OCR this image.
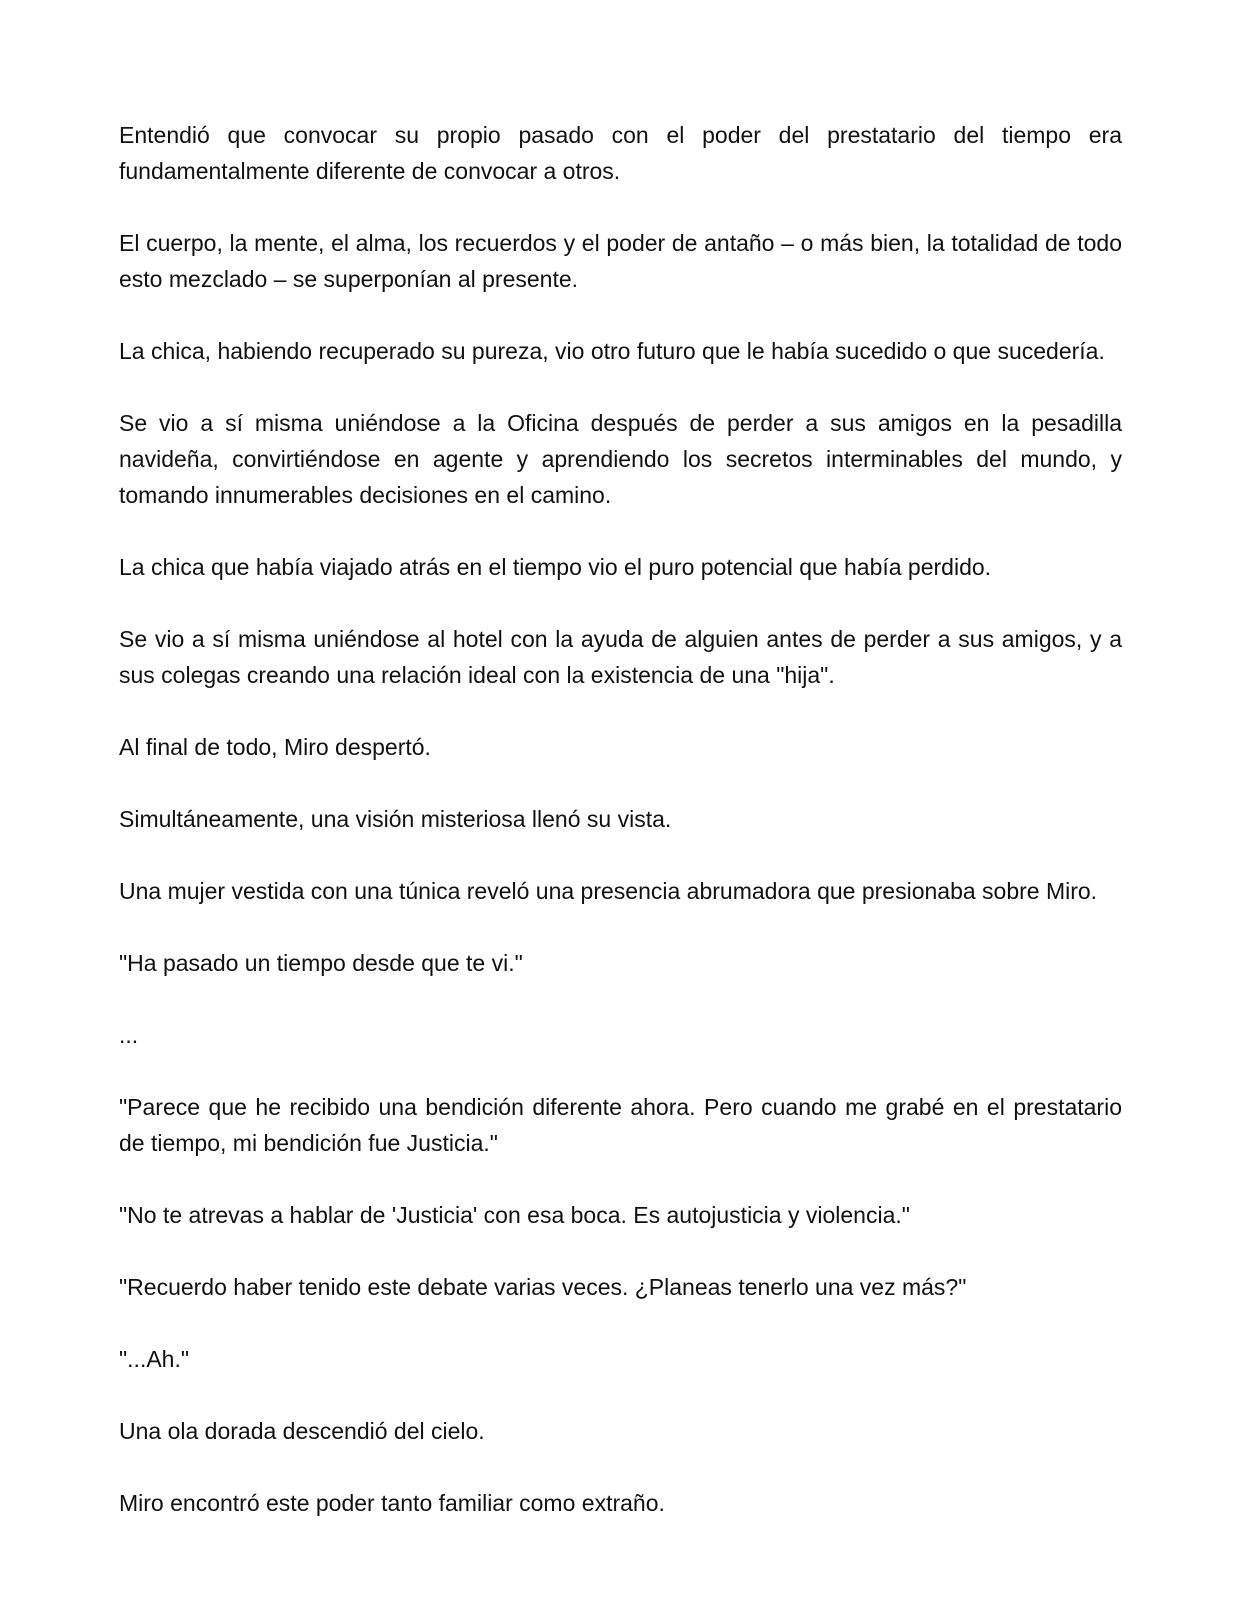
Entendió que convocar su propio pasado con el poder del prestatario del tiempo era fundamentalmente diferente de convocar a otros.

El cuerpo, la mente, el alma, los recuerdos y el poder de antaño – o más bien, la totalidad de todo esto mezclado – se superponían al presente.

La chica, habiendo recuperado su pureza, vio otro futuro que le había sucedido o que sucedería.

Se vio a sí misma uniéndose a la Oficina después de perder a sus amigos en la pesadilla navideña, convirtiéndose en agente y aprendiendo los secretos interminables del mundo, y tomando innumerables decisiones en el camino.

La chica que había viajado atrás en el tiempo vio el puro potencial que había perdido.

Se vio a sí misma uniéndose al hotel con la ayuda de alguien antes de perder a sus amigos, y a sus colegas creando una relación ideal con la existencia de una "hija".

Al final de todo, Miro despertó.

Simultáneamente, una visión misteriosa llenó su vista.

Una mujer vestida con una túnica reveló una presencia abrumadora que presionaba sobre Miro.

"Ha pasado un tiempo desde que te vi."

...

"Parece que he recibido una bendición diferente ahora. Pero cuando me grabé en el prestatario de tiempo, mi bendición fue Justicia."

"No te atrevas a hablar de 'Justicia' con esa boca. Es autojusticia y violencia."

"Recuerdo haber tenido este debate varias veces. ¿Planeas tenerlo una vez más?"

"...Ah."

Una ola dorada descendió del cielo.

Miro encontró este poder tanto familiar como extraño.
